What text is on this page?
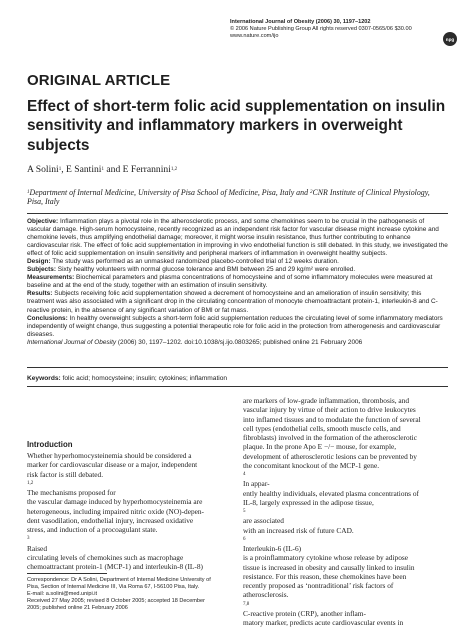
International Journal of Obesity (2006) 30, 1197–1202
© 2006 Nature Publishing Group All rights reserved 0307-0565/06 $30.00
www.nature.com/ijo
npg
ORIGINAL ARTICLE
Effect of short-term folic acid supplementation on insulin sensitivity and inflammatory markers in overweight subjects
A Solini$^1$, E Santini$^1$ and E Ferrannini$^{1,2}$
$^1$Department of Internal Medicine, University of Pisa School of Medicine, Pisa, Italy and $^2$CNR Institute of Clinical Physiology, Pisa, Italy

Objective: Inflammation plays a pivotal role in the atherosclerotic process, and some chemokines seem to be crucial in the pathogenesis of vascular damage. High-serum homocysteine, recently recognized as an independent risk factor for vascular disease might increase cytokine and chemokine levels, thus amplifying endothelial damage; moreover, it might worse insulin resistance, thus further contributing to enhance cardiovascular risk. The effect of folic acid supplementation in improving in vivo endothelial function is still debated. In this study, we investigated the effect of folic acid supplementation on insulin sensitivity and peripheral markers of inflammation in overweight healthy subjects.

Design: The study was performed as an unmasked randomized placebo-controlled trial of 12 weeks duration.

Subjects: Sixty healthy volunteers with normal glucose tolerance and BMI between 25 and 29 kg/m² were enrolled.

Measurements: Biochemical parameters and plasma concentrations of homocysteine and of some inflammatory molecules were measured at baseline and at the end of the study, together with an estimation of insulin sensitivity.

Results: Subjects receiving folic acid supplementation showed a decrement of homocysteine and an amelioration of insulin sensitivity; this treatment was also associated with a significant drop in the circulating concentration of monocyte chemoattractant protein-1, interleukin-8 and C-reactive protein, in the absence of any significant variation of BMI or fat mass.

Conclusions: In healthy overweight subjects a short-term folic acid supplementation reduces the circulating level of some inflammatory mediators independently of weight change, thus suggesting a potential therapeutic role for folic acid in the protection from atherogenesis and cardiovascular diseases.

International Journal of Obesity (2006) 30, 1197–1202. doi:10.1038/sj.ijo.0803265; published online 21 February 2006

Keywords: folic acid; homocysteine; insulin; cytokines; inflammation
Introduction
Whether hyperhomocysteinemia should be considered a
marker for cardiovascular disease or a major, independent
risk factor is still debated.
$^{1,2}$
The mechanisms proposed for
the vascular damage induced by hyperhomocysteinemia are
heterogeneous, including impaired nitric oxide (NO)-depen-
dent vasodilation, endothelial injury, increased oxidative
stress, and induction of a procoagulant state.
$^3$
Raised
circulating levels of chemokines such as macrophage
chemoattractant protein-1 (MCP-1) and interleukin-8 (IL-8)
are markers of low-grade inflammation, thrombosis, and
vascular injury by virtue of their action to drive leukocytes
into inflamed tissues and to modulate the function of several
cell types (endothelial cells, smooth muscle cells, and
fibroblasts) involved in the formation of the atherosclerotic
plaque. In the prone Apo E −/− mouse, for example,
development of atherosclerotic lesions can be prevented by
the concomitant knockout of the MCP-1 gene.
$^4$
In appar-
ently healthy individuals, elevated plasma concentrations of
IL-8, largely expressed in the adipose tissue,
$^5$
are associated
with an increased risk of future CAD.
$^6$
Interleukin-6 (IL-6)
is a proinflammatory cytokine whose release by adipose
tissue is increased in obesity and causally linked to insulin
resistance. For this reason, these chemokines have been
recently proposed as ‘nontraditional’ risk factors of
atherosclerosis.
$^{7,8}$
C-reactive protein (CRP), another inflam-
matory marker, predicts acute cardiovascular events in
Correspondence: Dr A Solini, Department of Internal Medicine University of
Pisa, Section of Internal Medicine III, Via Roma 67, I-56100 Pisa, Italy.
E-mail: a.solini@med.unipi.it
Received 27 May 2005; revised 8 October 2005; accepted 18 December
2005; published online 21 February 2006
